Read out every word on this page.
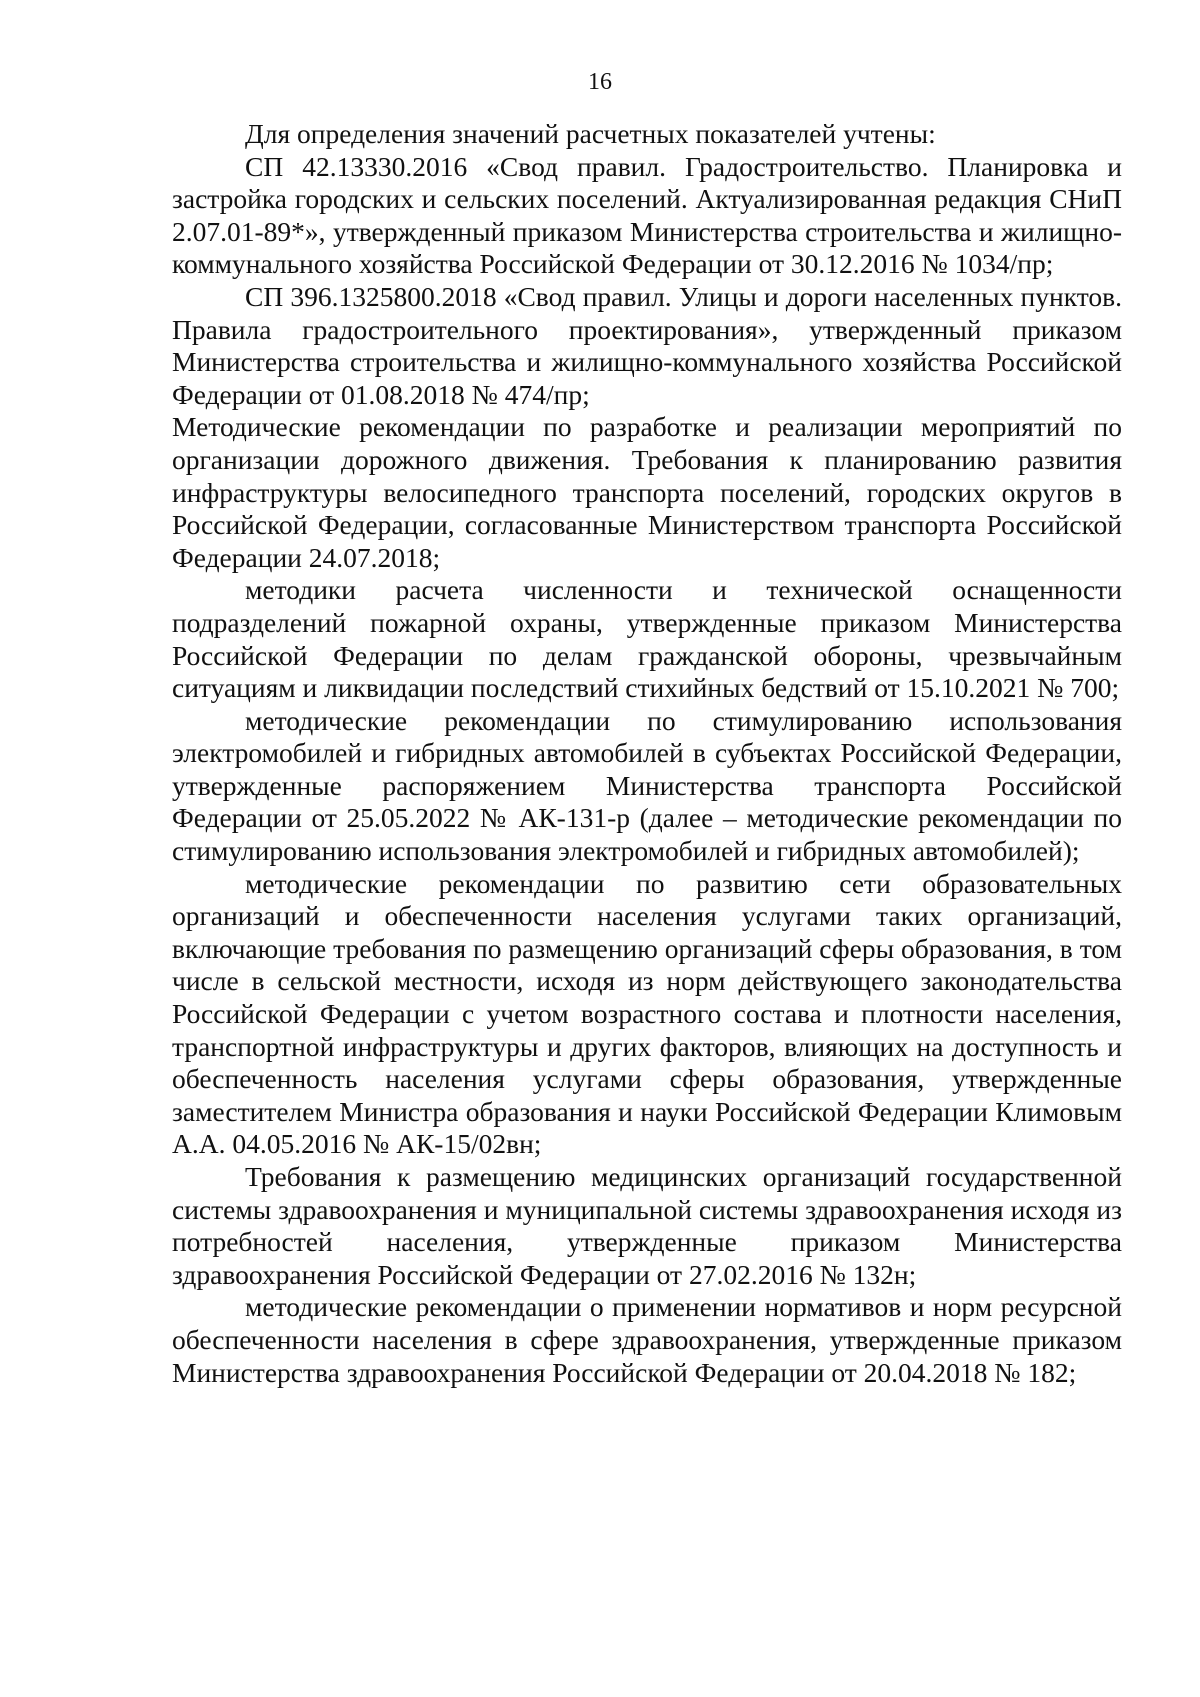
16

Для определения значений расчетных показателей учтены:

СП 42.13330.2016 «Свод правил. Градостроительство. Планировка и застройка городских и сельских поселений. Актуализированная редакция СНиП 2.07.01-89*», утвержденный приказом Министерства строительства и жилищно-коммунального хозяйства Российской Федерации от 30.12.2016 № 1034/пр;

СП 396.1325800.2018 «Свод правил. Улицы и дороги населенных пунктов. Правила градостроительного проектирования», утвержденный приказом Министерства строительства и жилищно-коммунального хозяйства Российской Федерации от 01.08.2018 № 474/пр;

Методические рекомендации по разработке и реализации мероприятий по организации дорожного движения. Требования к планированию развития инфраструктуры велосипедного транспорта поселений, городских округов в Российской Федерации, согласованные Министерством транспорта Российской Федерации 24.07.2018;

методики расчета численности и технической оснащенности подразделений пожарной охраны, утвержденные приказом Министерства Российской Федерации по делам гражданской обороны, чрезвычайным ситуациям и ликвидации последствий стихийных бедствий от 15.10.2021 № 700;

методические рекомендации по стимулированию использования электромобилей и гибридных автомобилей в субъектах Российской Федерации, утвержденные распоряжением Министерства транспорта Российской Федерации от 25.05.2022 № АК-131-р (далее – методические рекомендации по стимулированию использования электромобилей и гибридных автомобилей);

методические рекомендации по развитию сети образовательных организаций и обеспеченности населения услугами таких организаций, включающие требования по размещению организаций сферы образования, в том числе в сельской местности, исходя из норм действующего законодательства Российской Федерации с учетом возрастного состава и плотности населения, транспортной инфраструктуры и других факторов, влияющих на доступность и обеспеченность населения услугами сферы образования, утвержденные заместителем Министра образования и науки Российской Федерации Климовым А.А. 04.05.2016 № АК-15/02вн;

Требования к размещению медицинских организаций государственной системы здравоохранения и муниципальной системы здравоохранения исходя из потребностей населения, утвержденные приказом Министерства здравоохранения Российской Федерации от 27.02.2016 № 132н;

методические рекомендации о применении нормативов и норм ресурсной обеспеченности населения в сфере здравоохранения, утвержденные приказом Министерства здравоохранения Российской Федерации от 20.04.2018 № 182;
